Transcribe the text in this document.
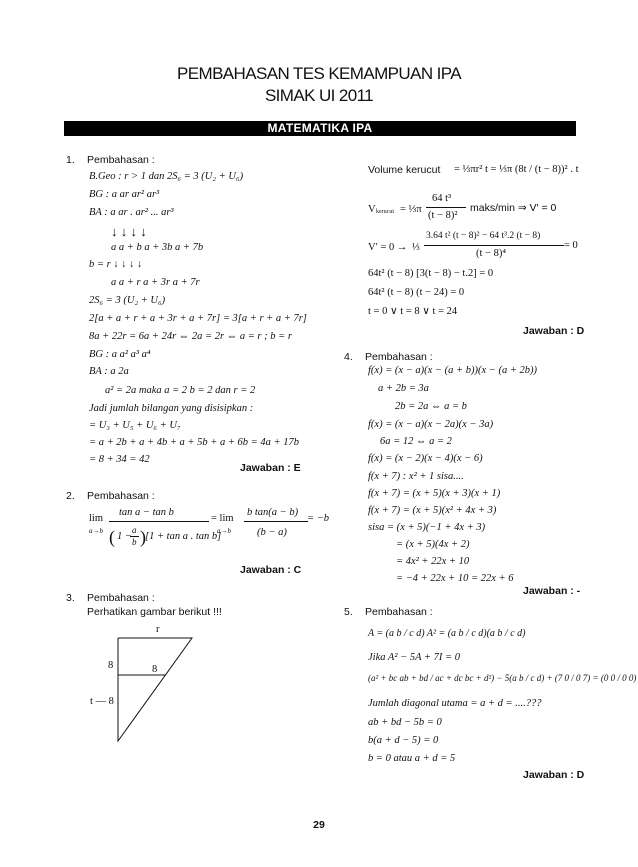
PEMBAHASAN TES KEMAMPUAN IPA
SIMAK UI 2011
MATEMATIKA IPA
1. Pembahasan :
B.Geo : r > 1 dan 2S₆ = 3 (U₂ + U₆)
BG : a ar ar² ar³
BA : a ar . ar² ... ar³
↓ ↓ ↓ ↓
a a + b a + 3b a + 7b
b = r ↓ ↓ ↓ ↓
a a + r a + 3r a + 7r
2S₆ = 3 (U₂ + U₆)
2[a + a + r + a + 3r + a + 7r] = 3[a + r + a + 7r]
8a + 22r = 6a + 24r ⇔ 2a = 2r ⇔ a = r ; b = r
BG : a a² a³ a⁴
BA : a 2a
a² = 2a maka a = 2 b = 2 dan r = 2
Jadi jumlah bilangan yang disisipkan :
= U₃ + U₅ + U₆ + U₇
= a + 2b + a + 4b + a + 5b + a + 6b = 4a + 17b
= 8 + 34 = 42
Jawaban : E
2. Pembahasan :
lim
a→b
tan a − tan b
( 1 −
a
b ) [1 + tan a . tan b]
= lim
a→b
b tan(a − b)
(b − a)
= −b
Jawaban : C
3. Pembahasan :
Perhatikan gambar berikut !!!
r
8	8
t — 8
Volume kerucut = ⅓πr² t = ⅓π (8t / (t − 8))² . t
V kerucut = ⅓π
64 t³
(t − 8)²
maks/min ⇒ V′ = 0
V′ = 0 → ⅓
3.64 t² (t − 8)² − 64 t³.2 (t − 8)
(t − 8)⁴
= 0
64t² (t − 8) [3(t − 8) − t.2] = 0
64t² (t − 8) (t − 24) = 0
t = 0 ∨ t = 8 ∨ t = 24
Jawaban : D
4. Pembahasan :
f(x) = (x − a)(x − (a + b))(x − (a + 2b))
a + 2b = 3a
2b = 2a ⇔ a = b
f(x) = (x − a)(x − 2a)(x − 3a)
6a = 12 ⇔ a = 2
f(x) = (x − 2)(x − 4)(x − 6)
f(x + 7) : x² + 1 sisa....
f(x + 7) = (x + 5)(x + 3)(x + 1)
f(x + 7) = (x + 5)(x² + 4x + 3)
sisa = (x + 5)(−1 + 4x + 3)
= (x + 5)(4x + 2)
= 4x² + 22x + 10
= −4 + 22x + 10 = 22x + 6
Jawaban : -
5. Pembahasan :
A = (a b / c d) A² = (a b / c d)(a b / c d)
Jika A² − 5A + 7I = 0
(a² + bc ab + bd / ac + dc bc + d²) − 5(a b / c d) + (7 0 / 0 7) = (0 0 / 0 0)
Jumlah diagonal utama = a + d = ....???
ab + bd − 5b = 0
b(a + d − 5) = 0
b = 0 atau a + d = 5
Jawaban : D
29
